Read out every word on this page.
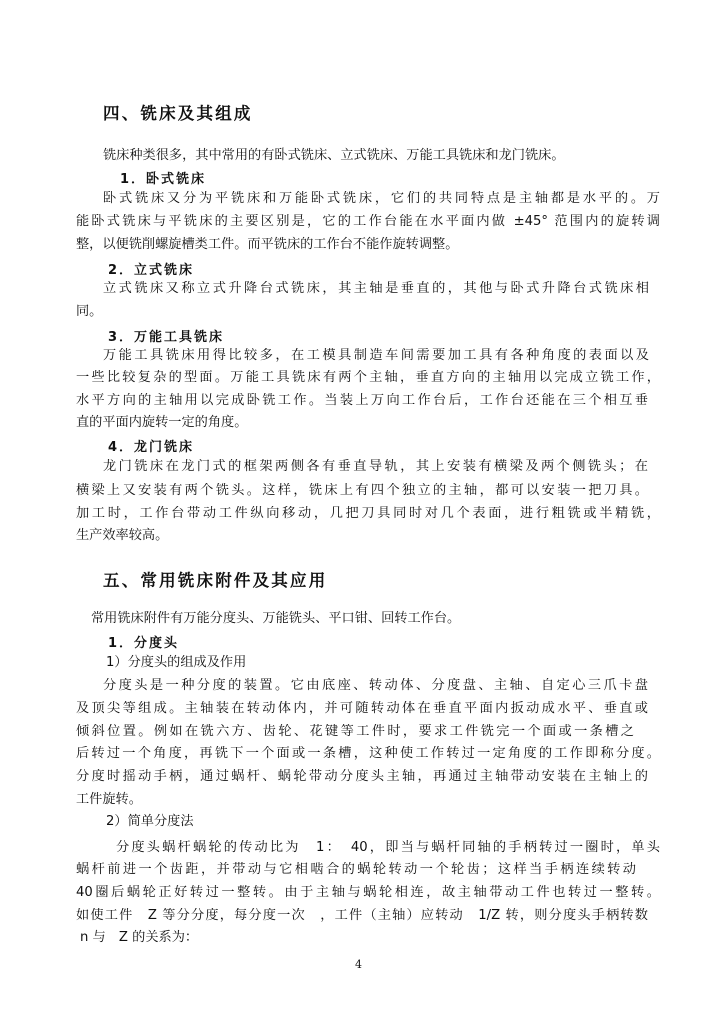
四、铣床及其组成
铣床种类很多，其中常用的有卧式铣床、立式铣床、万能工具铣床和龙门铣床。
1．卧式铣床
卧式铣床又分为平铣床和万能卧式铣床，它们的共同特点是主轴都是水平的。万
能卧式铣床与平铣床的主要区别是，它的工作台能在水平面内做 ±45° 范围内的旋转调
整，以便铣削螺旋槽类工件。而平铣床的工作台不能作旋转调整。
2．立式铣床
立式铣床又称立式升降台式铣床，其主轴是垂直的，其他与卧式升降台式铣床相
同。
3．万能工具铣床
万能工具铣床用得比较多，在工模具制造车间需要加工具有各种角度的表面以及
一些比较复杂的型面。万能工具铣床有两个主轴，垂直方向的主轴用以完成立铣工作，
水平方向的主轴用以完成卧铣工作。当装上万向工作台后，工作台还能在三个相互垂
直的平面内旋转一定的角度。
4．龙门铣床
龙门铣床在龙门式的框架两侧各有垂直导轨，其上安装有横梁及两个侧铣头；在
横梁上又安装有两个铣头。这样，铣床上有四个独立的主轴，都可以安装一把刀具。
加工时，工作台带动工件纵向移动，几把刀具同时对几个表面，进行粗铣或半精铣，
生产效率较高。
五、常用铣床附件及其应用
常用铣床附件有万能分度头、万能铣头、平口钳、回转工作台。
1．分度头
1）分度头的组成及作用
分度头是一种分度的装置。它由底座、转动体、分度盘、主轴、自定心三爪卡盘
及顶尖等组成。主轴装在转动体内，并可随转动体在垂直平面内扳动成水平、垂直或
倾斜位置。例如在铣六方、齿轮、花键等工件时，要求工件铣完一个面或一条槽之
后转过一个角度，再铣下一个面或一条槽，这种使工作转过一定角度的工作即称分度。
分度时摇动手柄，通过蜗杆、蜗轮带动分度头主轴，再通过主轴带动安装在主轴上的
工件旋转。
2）简单分度法
分度头蜗杆蜗轮的传动比为　1：　40，即当与蜗杆同轴的手柄转过一圈时，单头
蜗杆前进一个齿距，并带动与它相啮合的蜗轮转动一个轮齿；这样当手柄连续转动
40圈后蜗轮正好转过一整转。由于主轴与蜗轮相连，故主轴带动工件也转过一整转。
如使工件　Z 等分分度，每分度一次　，工件（主轴）应转动　1/Z 转，则分度头手柄转数
n 与　Z 的关系为：
4
